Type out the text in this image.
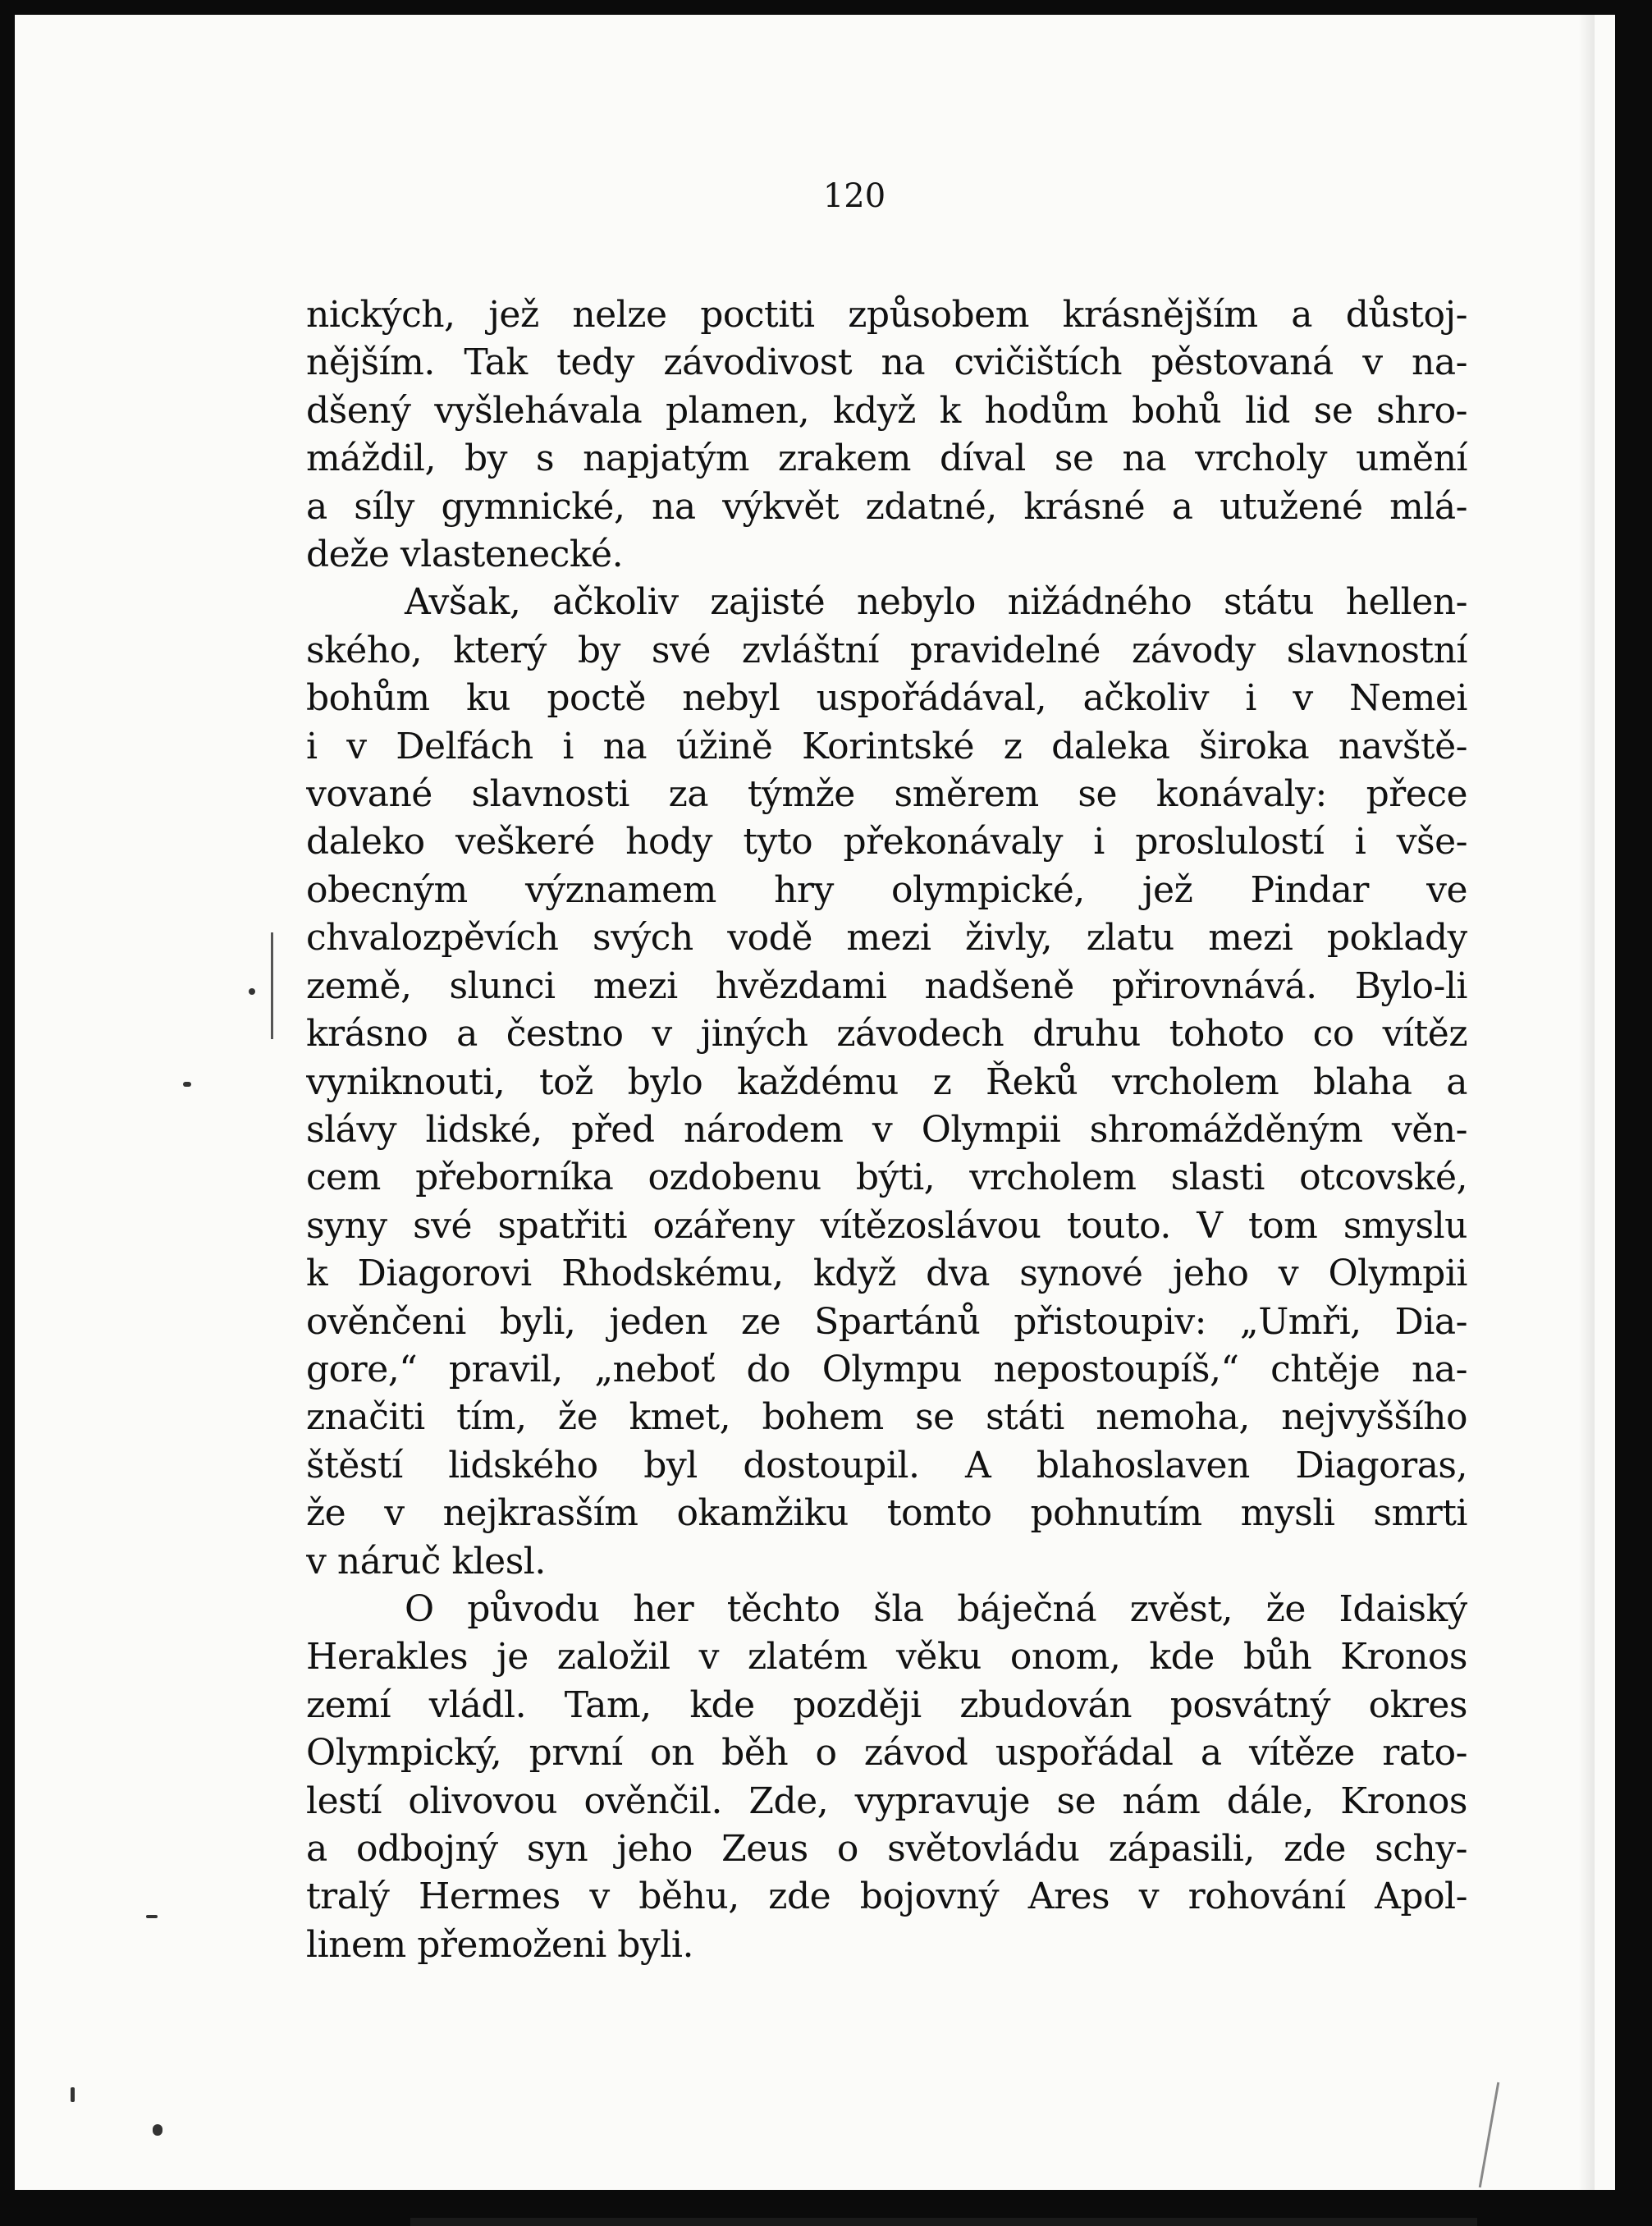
120
nických, jež nelze poctiti způsobem krásnějším a důstoj-
nějším. Tak tedy závodivost na cvičištích pěstovaná v na-
dšený vyšlehávala plamen, když k hodům bohů lid se shro-
máždil, by s napjatým zrakem díval se na vrcholy umění
a síly gymnické, na výkvět zdatné, krásné a utužené mlá-
deže vlastenecké.
Avšak, ačkoliv zajisté nebylo nižádného státu hellen-
ského, který by své zvláštní pravidelné závody slavnostní
bohům ku poctě nebyl uspořádával, ačkoliv i v Nemei
i v Delfách i na úžině Korintské z daleka široka navště-
vované slavnosti za týmže směrem se konávaly: přece
daleko veškeré hody tyto překonávaly i proslulostí i vše-
obecným významem hry olympické, jež Pindar ve
chvalozpěvích svých vodě mezi živly, zlatu mezi poklady
země, slunci mezi hvězdami nadšeně přirovnává. Bylo-li
krásno a čestno v jiných závodech druhu tohoto co vítěz
vyniknouti, tož bylo každému z Řeků vrcholem blaha a
slávy lidské, před národem v Olympii shromážděným věn-
cem přeborníka ozdobenu býti, vrcholem slasti otcovské,
syny své spatřiti ozářeny vítězoslávou touto. V tom smyslu
k Diagorovi Rhodskému, když dva synové jeho v Olympii
ověnčeni byli, jeden ze Spartánů přistoupiv: „Umři, Dia-
gore,“ pravil, „neboť do Olympu nepostoupíš,“ chtěje na-
značiti tím, že kmet, bohem se státi nemoha, nejvyššího
štěstí lidského byl dostoupil. A blahoslaven Diagoras,
že v nejkrasším okamžiku tomto pohnutím mysli smrti
v náruč klesl.
O původu her těchto šla báječná zvěst, že Idaiský
Herakles je založil v zlatém věku onom, kde bůh Kronos
zemí vládl. Tam, kde později zbudován posvátný okres
Olympický, první on běh o závod uspořádal a vítěze rato-
lestí olivovou ověnčil. Zde, vypravuje se nám dále, Kronos
a odbojný syn jeho Zeus o světovládu zápasili, zde schy-
tralý Hermes v běhu, zde bojovný Ares v rohování Apol-
linem přemoženi byli.
